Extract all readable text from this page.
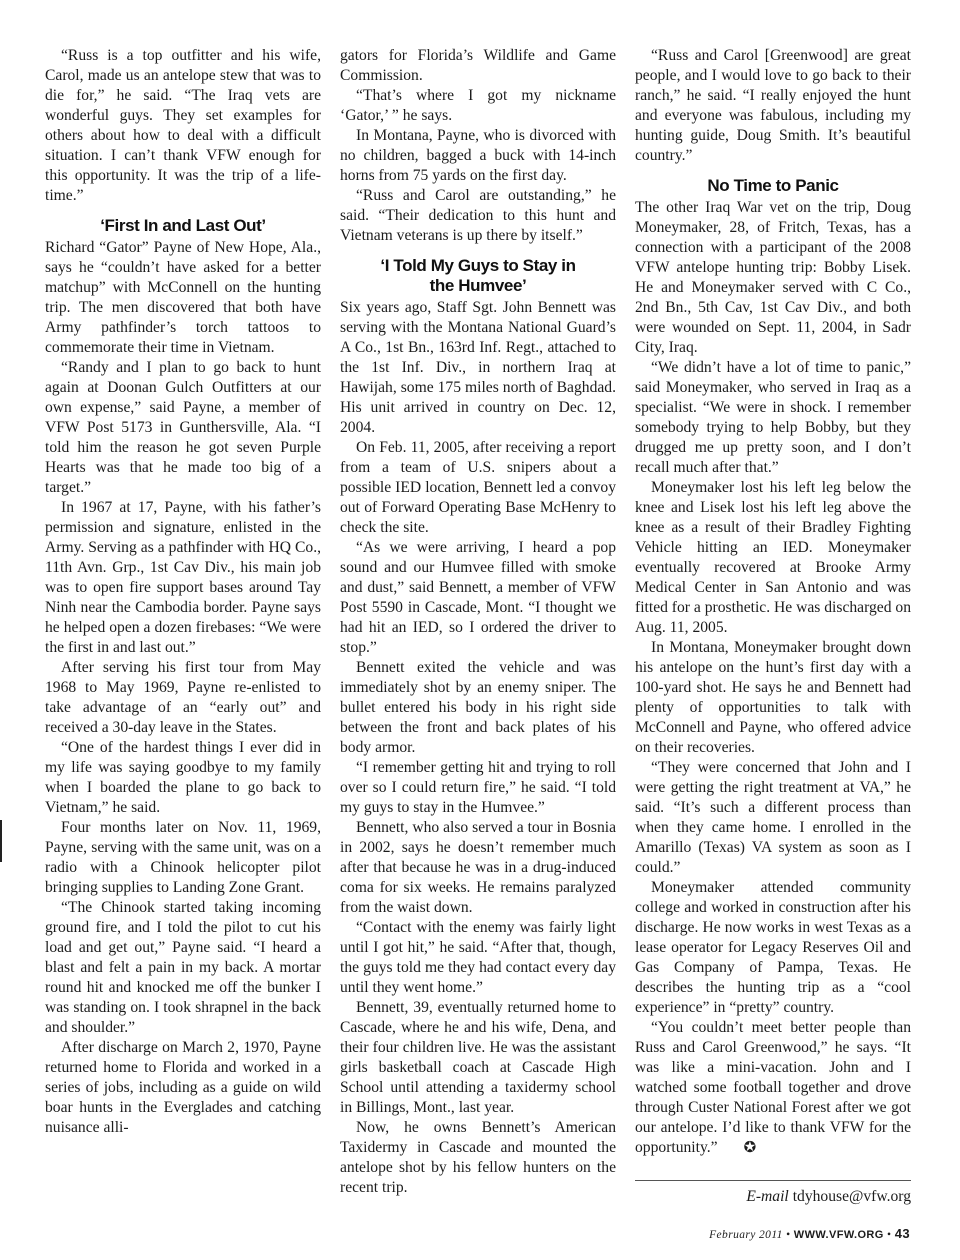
“Russ is a top outfitter and his wife, Carol, made us an antelope stew that was to die for,” he said. “The Iraq vets are wonderful guys. They set examples for others about how to deal with a difficult situation. I can’t thank VFW enough for this opportunity. It was the trip of a life-time.”

‘First In and Last Out’

Richard “Gator” Payne of New Hope, Ala., says he “couldn’t have asked for a better matchup” with McConnell on the hunting trip. The men discovered that both have Army pathfinder’s torch tattoos to commemorate their time in Vietnam.

“Randy and I plan to go back to hunt again at Doonan Gulch Outfitters at our own expense,” said Payne, a member of VFW Post 5173 in Gunthersville, Ala. “I told him the reason he got seven Purple Hearts was that he made too big of a target.”

In 1967 at 17, Payne, with his father’s permission and signature, enlisted in the Army. Serving as a pathfinder with HQ Co., 11th Avn. Grp., 1st Cav Div., his main job was to open fire support bases around Tay Ninh near the Cambodia border. Payne says he helped open a dozen firebases: “We were the first in and last out.”

After serving his first tour from May 1968 to May 1969, Payne re-enlisted to take advantage of an “early out” and received a 30-day leave in the States.

“One of the hardest things I ever did in my life was saying goodbye to my family when I boarded the plane to go back to Vietnam,” he said.

Four months later on Nov. 11, 1969, Payne, serving with the same unit, was on a radio with a Chinook helicopter pilot bringing supplies to Landing Zone Grant.

“The Chinook started taking incoming ground fire, and I told the pilot to cut his load and get out,” Payne said. “I heard a blast and felt a pain in my back. A mortar round hit and knocked me off the bunker I was standing on. I took shrapnel in the back and shoulder.”

After discharge on March 2, 1970, Payne returned home to Florida and worked in a series of jobs, including as a guide on wild boar hunts in the Everglades and catching nuisance alli-

gators for Florida’s Wildlife and Game Commission.

“That’s where I got my nickname ‘Gator,’ ” he says.

In Montana, Payne, who is divorced with no children, bagged a buck with 14-inch horns from 75 yards on the first day.

“Russ and Carol are outstanding,” he said. “Their dedication to this hunt and Vietnam veterans is up there by itself.”

‘I Told My Guys to Stay in the Humvee’

Six years ago, Staff Sgt. John Bennett was serving with the Montana National Guard’s A Co., 1st Bn., 163rd Inf. Regt., attached to the 1st Inf. Div., in northern Iraq at Hawijah, some 175 miles north of Baghdad. His unit arrived in country on Dec. 12, 2004.

On Feb. 11, 2005, after receiving a report from a team of U.S. snipers about a possible IED location, Bennett led a convoy out of Forward Operating Base McHenry to check the site.

“As we were arriving, I heard a pop sound and our Humvee filled with smoke and dust,” said Bennett, a member of VFW Post 5590 in Cascade, Mont. “I thought we had hit an IED, so I ordered the driver to stop.”

Bennett exited the vehicle and was immediately shot by an enemy sniper. The bullet entered his body in his right side between the front and back plates of his body armor.

“I remember getting hit and trying to roll over so I could return fire,” he said. “I told my guys to stay in the Humvee.”

Bennett, who also served a tour in Bosnia in 2002, says he doesn’t remember much after that because he was in a drug-induced coma for six weeks. He remains paralyzed from the waist down.

“Contact with the enemy was fairly light until I got hit,” he said. “After that, though, the guys told me they had contact every day until they went home.”

Bennett, 39, eventually returned home to Cascade, where he and his wife, Dena, and their four children live. He was the assistant girls basketball coach at Cascade High School until attending a taxidermy school in Billings, Mont., last year.

Now, he owns Bennett’s American Taxidermy in Cascade and mounted the antelope shot by his fellow hunters on the recent trip.

“Russ and Carol [Greenwood] are great people, and I would love to go back to their ranch,” he said. “I really enjoyed the hunt and everyone was fabulous, including my hunting guide, Doug Smith. It’s beautiful country.”

No Time to Panic

The other Iraq War vet on the trip, Doug Moneymaker, 28, of Fritch, Texas, has a connection with a participant of the 2008 VFW antelope hunting trip: Bobby Lisek. He and Moneymaker served with C Co., 2nd Bn., 5th Cav, 1st Cav Div., and both were wounded on Sept. 11, 2004, in Sadr City, Iraq.

“We didn’t have a lot of time to panic,” said Moneymaker, who served in Iraq as a specialist. “We were in shock. I remember somebody trying to help Bobby, but they drugged me up pretty soon, and I don’t recall much after that.”

Moneymaker lost his left leg below the knee and Lisek lost his left leg above the knee as a result of their Bradley Fighting Vehicle hitting an IED. Moneymaker eventually recovered at Brooke Army Medical Center in San Antonio and was fitted for a prosthetic. He was discharged on Aug. 11, 2005.

In Montana, Moneymaker brought down his antelope on the hunt’s first day with a 100-yard shot. He says he and Bennett had plenty of opportunities to talk with McConnell and Payne, who offered advice on their recoveries.

“They were concerned that John and I were getting the right treatment at VA,” he said. “It’s such a different process than when they came home. I enrolled in the Amarillo (Texas) VA system as soon as I could.”

Moneymaker attended community college and worked in construction after his discharge. He now works in west Texas as a lease operator for Legacy Reserves Oil and Gas Company of Pampa, Texas. He describes the hunting trip as a “cool experience” in “pretty” country.

“You couldn’t meet better people than Russ and Carol Greenwood,” he says. “It was like a mini-vacation. John and I watched some football together and drove through Custer National Forest after we got our antelope. I’d like to thank VFW for the opportunity.” ✪

E-mail tdyhouse@vfw.org
February 2011 • WWW.VFW.ORG • 43
